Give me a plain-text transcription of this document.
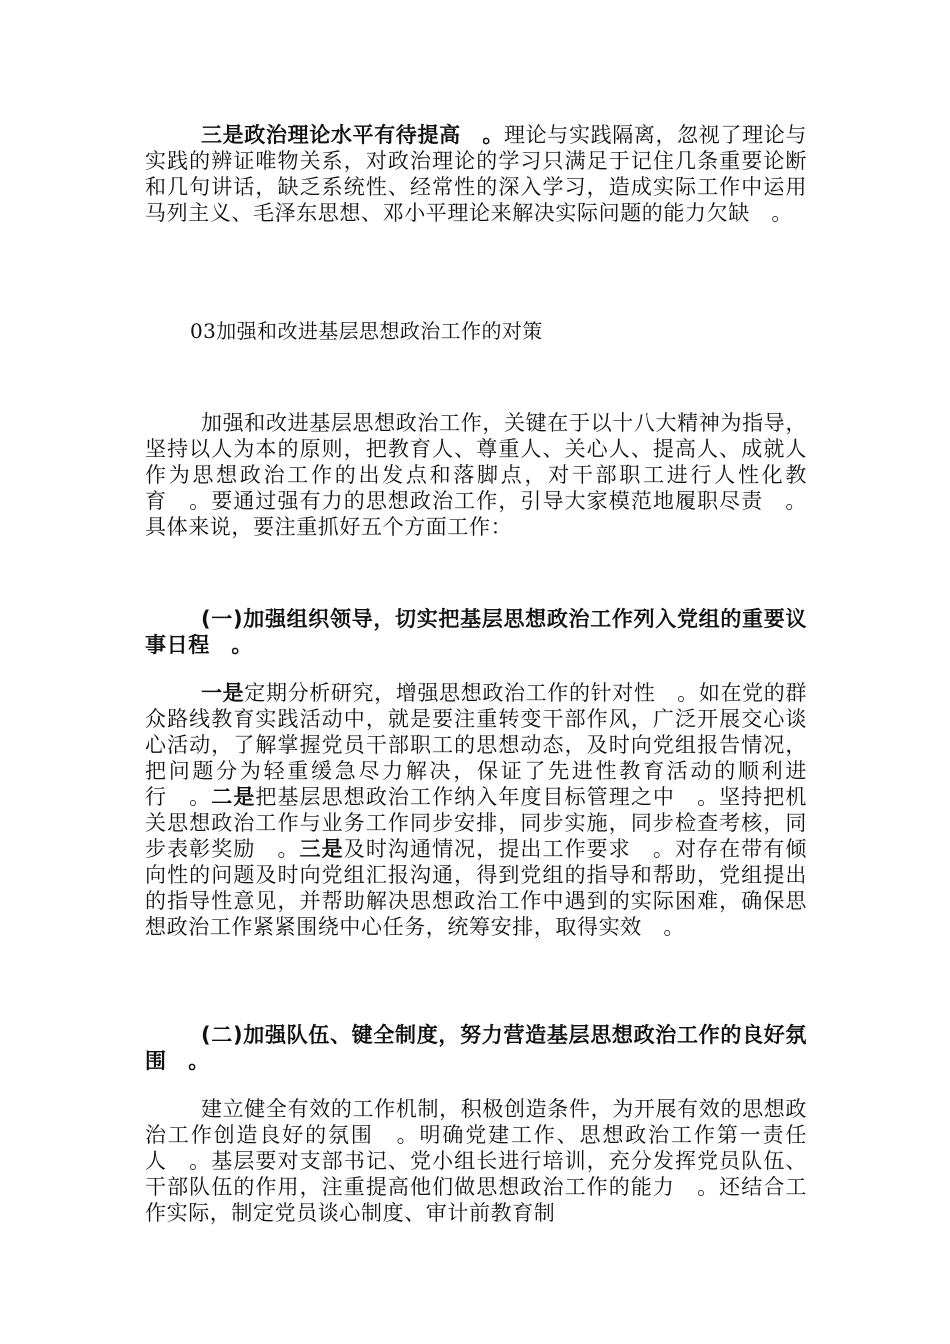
三是政治理论水平有待提高　。理论与实践隔离，忽视了理论与实践的辨证唯物关系，对政治理论的学习只满足于记住几条重要论断和几句讲话，缺乏系统性、经常性的深入学习，造成实际工作中运用马列主义、毛泽东思想、邓小平理论来解决实际问题的能力欠缺　。

03加强和改进基层思想政治工作的对策

加强和改进基层思想政治工作，关键在于以十八大精神为指导，坚持以人为本的原则，把教育人、尊重人、关心人、提高人、成就人作为思想政治工作的出发点和落脚点，对干部职工进行人性化教育　。要通过强有力的思想政治工作，引导大家模范地履职尽责　。具体来说，要注重抓好五个方面工作：

(一)加强组织领导，切实把基层思想政治工作列入党组的重要议事日程　。

一是定期分析研究，增强思想政治工作的针对性　。如在党的群众路线教育实践活动中，就是要注重转变干部作风，广泛开展交心谈心活动，了解掌握党员干部职工的思想动态，及时向党组报告情况，把问题分为轻重缓急尽力解决，保证了先进性教育活动的顺利进行　。二是把基层思想政治工作纳入年度目标管理之中　。坚持把机关思想政治工作与业务工作同步安排，同步实施，同步检查考核，同步表彰奖励　。三是及时沟通情况，提出工作要求　。对存在带有倾向性的问题及时向党组汇报沟通，得到党组的指导和帮助，党组提出的指导性意见，并帮助解决思想政治工作中遇到的实际困难，确保思想政治工作紧紧围绕中心任务，统筹安排，取得实效　。

(二)加强队伍、键全制度，努力营造基层思想政治工作的良好氛围　。

建立健全有效的工作机制，积极创造条件，为开展有效的思想政治工作创造良好的氛围　。明确党建工作、思想政治工作第一责任人　。基层要对支部书记、党小组长进行培训，充分发挥党员队伍、干部队伍的作用，注重提高他们做思想政治工作的能力　。还结合工作实际，制定党员谈心制度、审计前教育制
